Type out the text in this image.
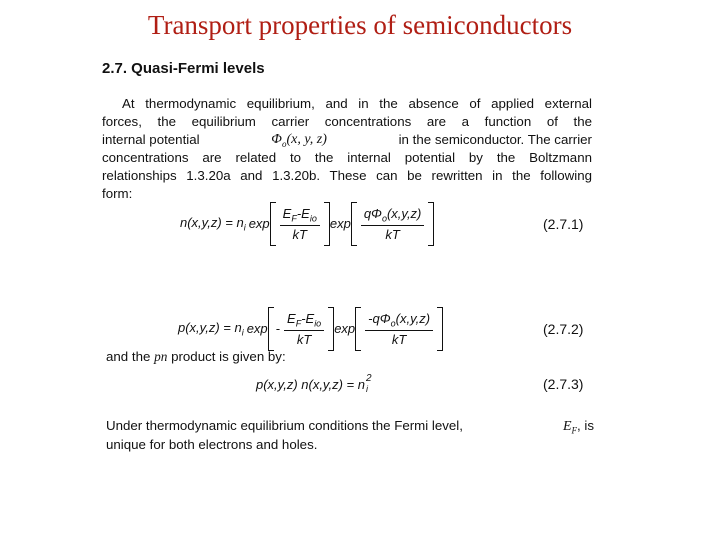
Transport properties of semiconductors
2.7. Quasi-Fermi levels
At thermodynamic equilibrium, and in the absence of applied external
forces, the equilibrium carrier concentrations are a function of the
internal potential	$\Phi_o(x$, y, z)	in the semiconductor. The carrier
concentrations are related to the internal potential by the Boltzmann
relationships 1.3.20a and 1.3.20b. These can be rewritten in the following
form:
$n(x,y,z) = n_i$ $\exp \frac{E_F-E_{io}}{kT}$ $\exp \frac{q\Phi_o(x,y,z)}{kT}$	(2.7.1)
$p(x,y,z) = n_i$ exp - $\frac{E_F-E_{io}}{kT}$ $\exp \frac{-q\Phi_o(x,y,z)}{kT}$	(2.7.2)
and the pn product is given by:
p(x,y,z) n(x,y,z) = n 2
i	(2.7.3)
Under thermodynamic equilibrium conditions the Fermi level,	$E_F$, is
unique for both electrons and holes.
